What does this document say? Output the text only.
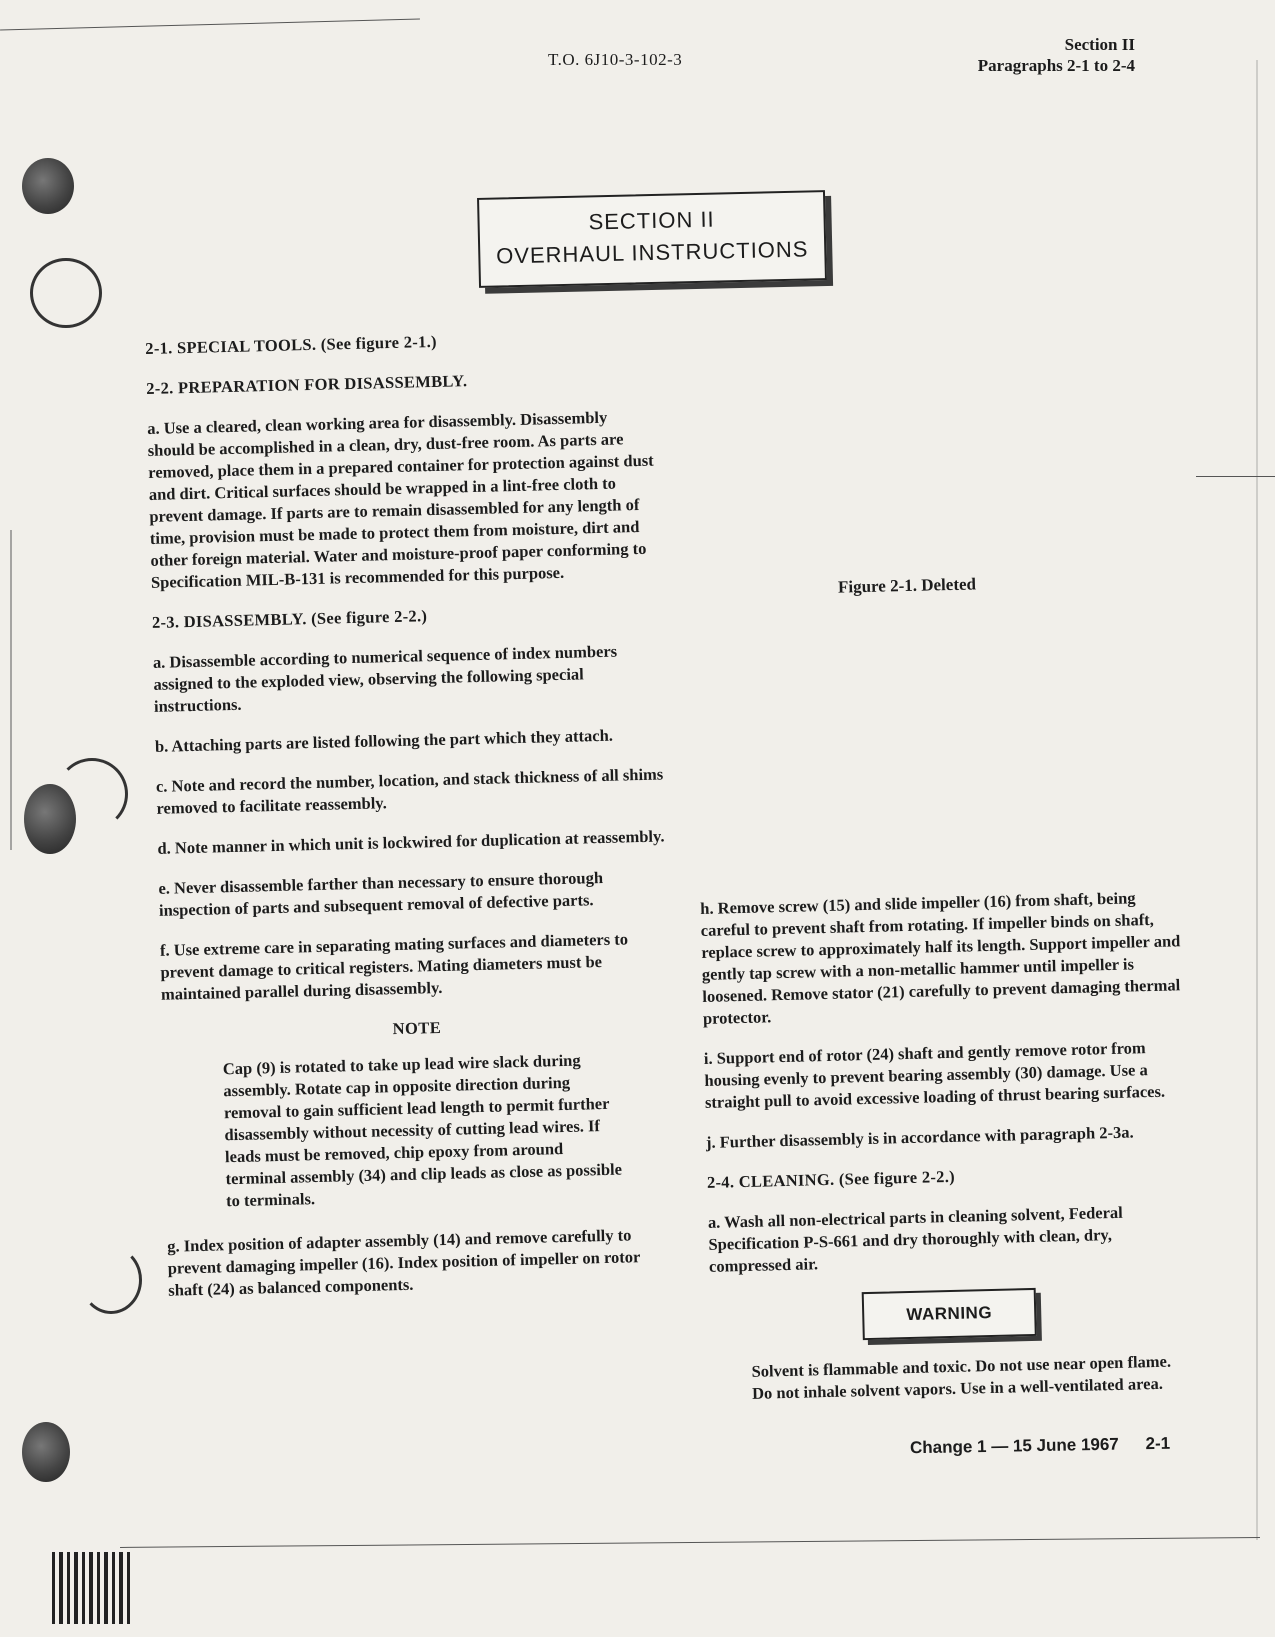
T.O. 6J10-3-102-3
Section II
Paragraphs 2-1 to 2-4
SECTION II
OVERHAUL INSTRUCTIONS
2-1. SPECIAL TOOLS. (See figure 2-1.)
2-2. PREPARATION FOR DISASSEMBLY.
a. Use a cleared, clean working area for disassembly. Disassembly should be accomplished in a clean, dry, dust-free room. As parts are removed, place them in a prepared container for protection against dust and dirt. Critical surfaces should be wrapped in a lint-free cloth to prevent damage. If parts are to remain disassembled for any length of time, provision must be made to protect them from moisture, dirt and other foreign material. Water and moisture-proof paper conforming to Specification MIL-B-131 is recommended for this purpose.
2-3. DISASSEMBLY. (See figure 2-2.)
a. Disassemble according to numerical sequence of index numbers assigned to the exploded view, observing the following special instructions.
b. Attaching parts are listed following the part which they attach.
c. Note and record the number, location, and stack thickness of all shims removed to facilitate reassembly.
d. Note manner in which unit is lockwired for duplication at reassembly.
e. Never disassemble farther than necessary to ensure thorough inspection of parts and subsequent removal of defective parts.
f. Use extreme care in separating mating surfaces and diameters to prevent damage to critical registers. Mating diameters must be maintained parallel during disassembly.
NOTE
Cap (9) is rotated to take up lead wire slack during assembly. Rotate cap in opposite direction during removal to gain sufficient lead length to permit further disassembly without necessity of cutting lead wires. If leads must be removed, chip epoxy from around terminal assembly (34) and clip leads as close as possible to terminals.
g. Index position of adapter assembly (14) and remove carefully to prevent damaging impeller (16). Index position of impeller on rotor shaft (24) as balanced components.
Figure 2-1. Deleted
h. Remove screw (15) and slide impeller (16) from shaft, being careful to prevent shaft from rotating. If impeller binds on shaft, replace screw to approximately half its length. Support impeller and gently tap screw with a non-metallic hammer until impeller is loosened. Remove stator (21) carefully to prevent damaging thermal protector.
i. Support end of rotor (24) shaft and gently remove rotor from housing evenly to prevent bearing assembly (30) damage. Use a straight pull to avoid excessive loading of thrust bearing surfaces.
j. Further disassembly is in accordance with paragraph 2-3a.
2-4. CLEANING. (See figure 2-2.)
a. Wash all non-electrical parts in cleaning solvent, Federal Specification P-S-661 and dry thoroughly with clean, dry, compressed air.
WARNING
Solvent is flammable and toxic. Do not use near open flame. Do not inhale solvent vapors. Use in a well-ventilated area.
Change 1 — 15 June 1967 2-1
